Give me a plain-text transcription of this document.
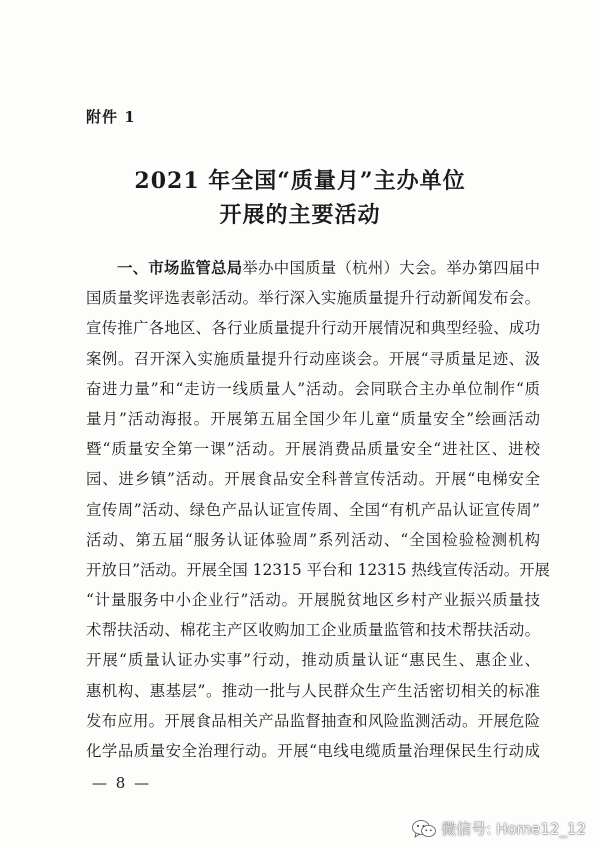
附件 1
2021 年全国“质量月”主办单位
开展的主要活动
一、市场监管总局举办中国质量（杭州）大会。举办第四届中
国质量奖评选表彰活动。举行深入实施质量提升行动新闻发布会。
宣传推广各地区、各行业质量提升行动开展情况和典型经验、成功
案例。召开深入实施质量提升行动座谈会。开展“寻质量足迹、汲
奋进力量”和“走访一线质量人”活动。会同联合主办单位制作“质
量月”活动海报。开展第五届全国少年儿童“质量安全”绘画活动
暨“质量安全第一课”活动。开展消费品质量安全“进社区、进校
园、进乡镇”活动。开展食品安全科普宣传活动。开展“电梯安全
宣传周”活动、绿色产品认证宣传周、全国“有机产品认证宣传周”
活动、第五届“服务认证体验周”系列活动、“全国检验检测机构
开放日”活动。开展全国 12315 平台和 12315 热线宣传活动。开展
“计量服务中小企业行”活动。开展脱贫地区乡村产业振兴质量技
术帮扶活动、棉花主产区收购加工企业质量监管和技术帮扶活动。
开展“质量认证办实事”行动，推动质量认证“惠民生、惠企业、
惠机构、惠基层”。推动一批与人民群众生产生活密切相关的标准
发布应用。开展食品相关产品监督抽查和风险监测活动。开展危险
化学品质量安全治理行动。开展“电线电缆质量治理保民生行动成
— 8 —
微信号: Home12_12
